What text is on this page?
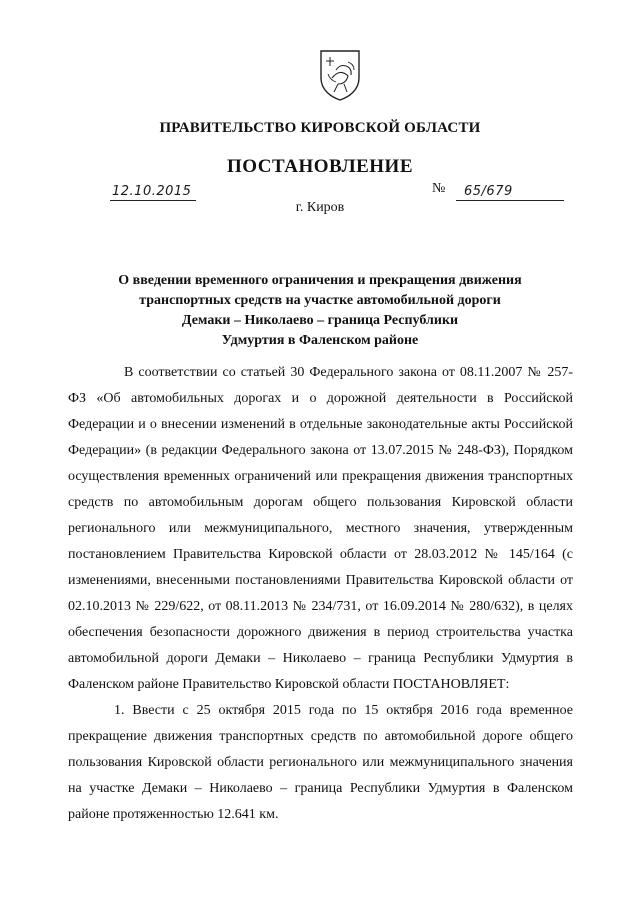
ПРАВИТЕЛЬСТВО КИРОВСКОЙ ОБЛАСТИ
ПОСТАНОВЛЕНИЕ
12.10.2015	№ 65/679
г. Киров
О введении временного ограничения и прекращения движения
транспортных средств на участке автомобильной дороги
Демаки – Николаево – граница Республики
Удмуртия в Фаленском районе

В соответствии со статьей 30 Федерального закона от 08.11.2007 № 257-ФЗ «Об автомобильных дорогах и о дорожной деятельности в Российской Федерации и о внесении изменений в отдельные законодательные акты Российской Федерации» (в редакции Федерального закона от 13.07.2015 № 248-ФЗ), Порядком осуществления временных ограничений или прекращения движения транспортных средств по автомобильным дорогам общего пользования Кировской области регионального или межмуниципального, местного значения, утвержденным постановлением Правительства Кировской области от 28.03.2012 № 145/164 (с изменениями, внесенными постановлениями Правительства Кировской области от 02.10.2013 № 229/622, от 08.11.2013 № 234/731, от 16.09.2014 № 280/632), в целях обеспечения безопасности дорожного движения в период строительства участка автомобильной дороги Демаки – Николаево – граница Республики Удмуртия в Фаленском районе Правительство Кировской области ПОСТАНОВЛЯЕТ:

1. Ввести с 25 октября 2015 года по 15 октября 2016 года временное прекращение движения транспортных средств по автомобильной дороге общего пользования Кировской области регионального или межмуниципального значения на участке Демаки – Николаево – граница Республики Удмуртия в Фаленском районе протяженностью 12.641 км.
